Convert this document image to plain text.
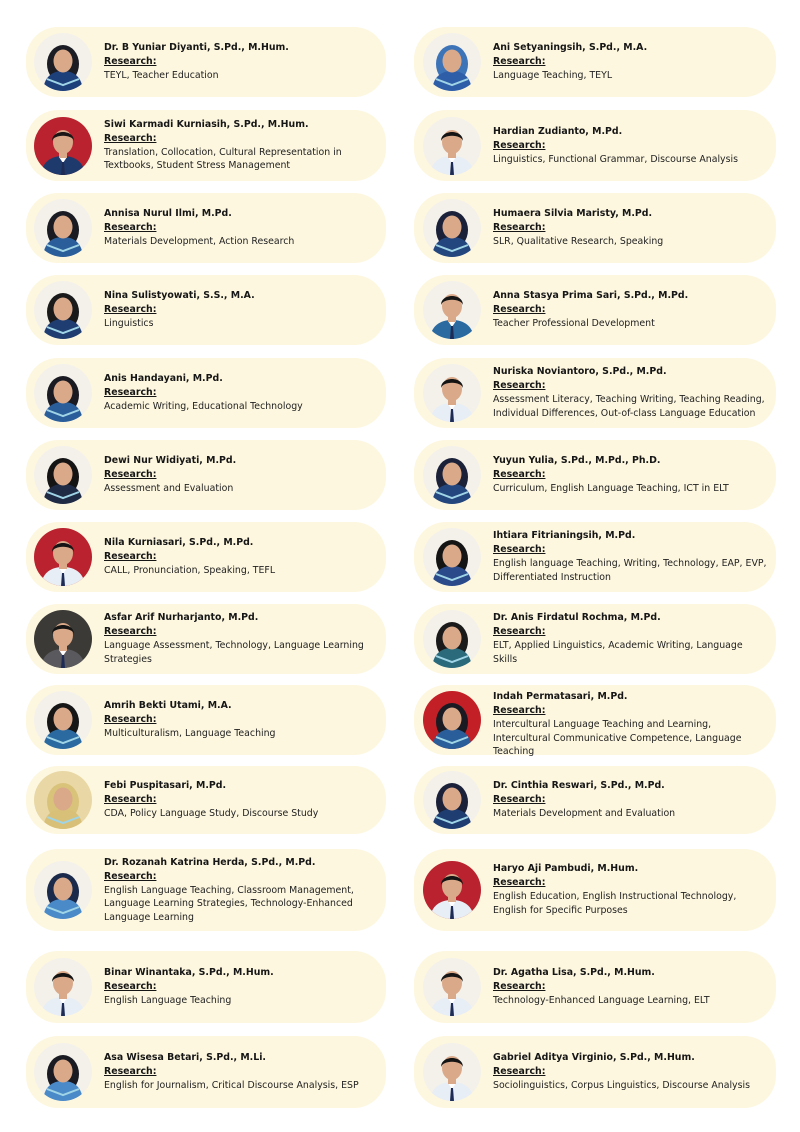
Dr. B Yuniar Diyanti, S.Pd., M.Hum.
Research:
TEYL, Teacher Education
Ani Setyaningsih, S.Pd., M.A.
Research:
Language Teaching, TEYL
Siwi Karmadi Kurniasih, S.Pd., M.Hum.
Research:
Translation, Collocation, Cultural Representation in Textbooks, Student Stress Management
Hardian Zudianto, M.Pd.
Research:
Linguistics, Functional Grammar, Discourse Analysis
Annisa Nurul Ilmi, M.Pd.
Research:
Materials Development, Action Research
Humaera Silvia Maristy, M.Pd.
Research:
SLR, Qualitative Research, Speaking
Nina Sulistyowati, S.S., M.A.
Research:
Linguistics
Anna Stasya Prima Sari, S.Pd., M.Pd.
Research:
Teacher Professional Development
Anis Handayani, M.Pd.
Research:
Academic Writing, Educational Technology
Nuriska Noviantoro, S.Pd., M.Pd.
Research:
Assessment Literacy, Teaching Writing, Teaching Reading, Individual Differences, Out-of-class Language Education
Dewi Nur Widiyati, M.Pd.
Research:
Assessment and Evaluation
Yuyun Yulia, S.Pd., M.Pd., Ph.D.
Research:
Curriculum, English Language Teaching, ICT in ELT
Nila Kurniasari, S.Pd., M.Pd.
Research:
CALL, Pronunciation, Speaking, TEFL
Ihtiara Fitrianingsih, M.Pd.
Research:
English language Teaching, Writing, Technology, EAP, EVP, Differentiated Instruction
Asfar Arif Nurharjanto, M.Pd.
Research:
Language Assessment, Technology, Language Learning Strategies
Dr. Anis Firdatul Rochma, M.Pd.
Research:
ELT, Applied Linguistics, Academic Writing, Language Skills
Amrih Bekti Utami, M.A.
Research:
Multiculturalism, Language Teaching
Indah Permatasari, M.Pd.
Research:
Intercultural Language Teaching and Learning, Intercultural Communicative Competence, Language Teaching
Febi Puspitasari, M.Pd.
Research:
CDA, Policy Language Study, Discourse Study
Dr. Cinthia Reswari, S.Pd., M.Pd.
Research:
Materials Development and Evaluation
Dr. Rozanah Katrina Herda, S.Pd., M.Pd.
Research:
English Language Teaching, Classroom Management, Language Learning Strategies, Technology-Enhanced Language Learning
Haryo Aji Pambudi, M.Hum.
Research:
English Education, English Instructional Technology, English for Specific Purposes
Binar Winantaka, S.Pd., M.Hum.
Research:
English Language Teaching
Dr. Agatha Lisa, S.Pd., M.Hum.
Research:
Technology-Enhanced Language Learning, ELT
Asa Wisesa Betari, S.Pd., M.Li.
Research:
English for Journalism, Critical Discourse Analysis, ESP
Gabriel Aditya Virginio, S.Pd., M.Hum.
Research:
Sociolinguistics, Corpus Linguistics, Discourse Analysis
